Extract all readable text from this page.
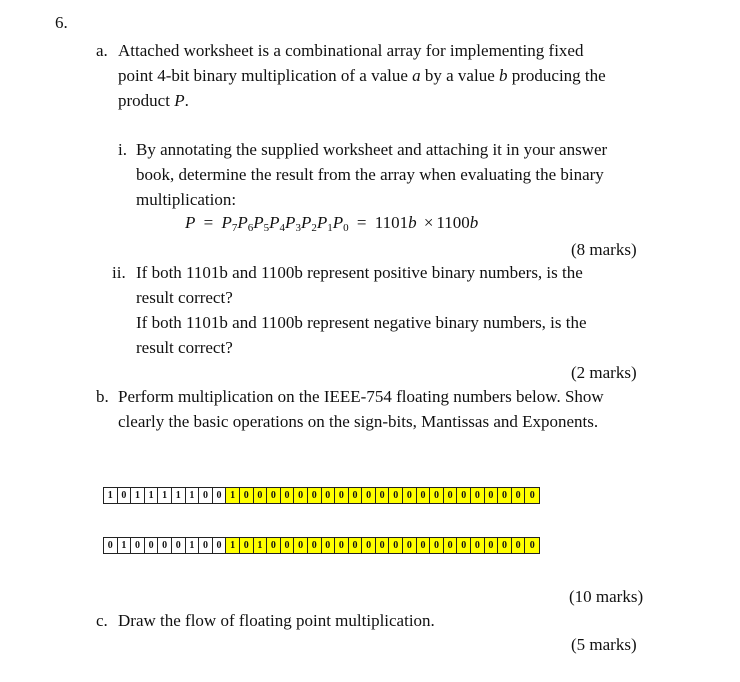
6.
a. Attached worksheet is a combinational array for implementing fixed
point 4-bit binary multiplication of a value a by a value b producing the
product P.
i. By annotating the supplied worksheet and attaching it in your answer
book, determine the result from the array when evaluating the binary
multiplication:
$P = P_7P_6P_5P_4P_3P_2P_1P_0 = 1101b \times 1100b$
(8 marks)
ii. If both 1101b and 1100b represent positive binary numbers, is the
result correct?
If both 1101b and 1100b represent negative binary numbers, is the
result correct?
(2 marks)
b. Perform multiplication on the IEEE-754 floating numbers below. Show
clearly the basic operations on the sign-bits, Mantissas and Exponents.
1 0 1 1 1 1 1 0 0 1 0 0 0 0 0 0 0 0 0 0 0 0 0 0 0 0 0 0 0 0 0 0
0 1 0 0 0 0 1 0 0 1 0 1 0 0 0 0 0 0 0 0 0 0 0 0 0 0 0 0 0 0 0 0
(10 marks)
c. Draw the flow of floating point multiplication.
(5 marks)
